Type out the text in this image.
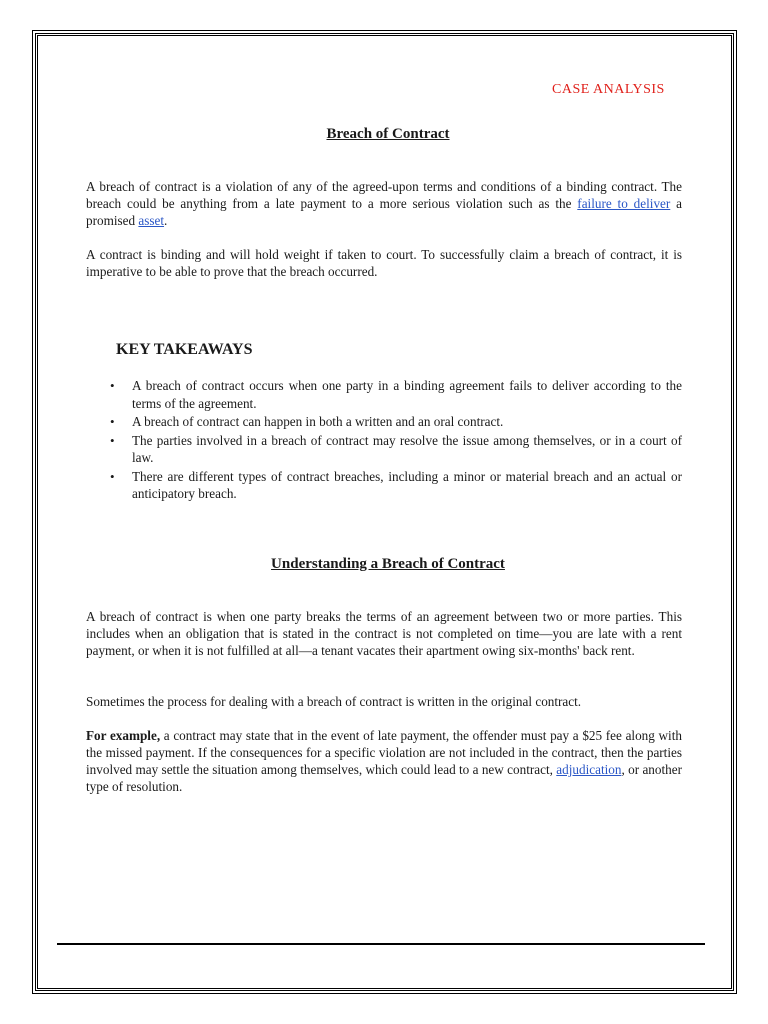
CASE ANALYSIS
Breach of Contract

A breach of contract is a violation of any of the agreed-upon terms and conditions of a binding contract. The breach could be anything from a late payment to a more serious violation such as the failure to deliver a promised asset.

A contract is binding and will hold weight if taken to court. To successfully claim a breach of contract, it is imperative to be able to prove that the breach occurred.

KEY TAKEAWAYS
• A breach of contract occurs when one party in a binding agreement fails to deliver according to the terms of the agreement.
• A breach of contract can happen in both a written and an oral contract.
• The parties involved in a breach of contract may resolve the issue among themselves, or in a court of law.
• There are different types of contract breaches, including a minor or material breach and an actual or anticipatory breach.
Understanding a Breach of Contract

A breach of contract is when one party breaks the terms of an agreement between two or more parties. This includes when an obligation that is stated in the contract is not completed on time—you are late with a rent payment, or when it is not fulfilled at all—a tenant vacates their apartment owing six-months' back rent.

Sometimes the process for dealing with a breach of contract is written in the original contract.

For example, a contract may state that in the event of late payment, the offender must pay a $25 fee along with the missed payment. If the consequences for a specific violation are not included in the contract, then the parties involved may settle the situation among themselves, which could lead to a new contract, adjudication, or another type of resolution.
